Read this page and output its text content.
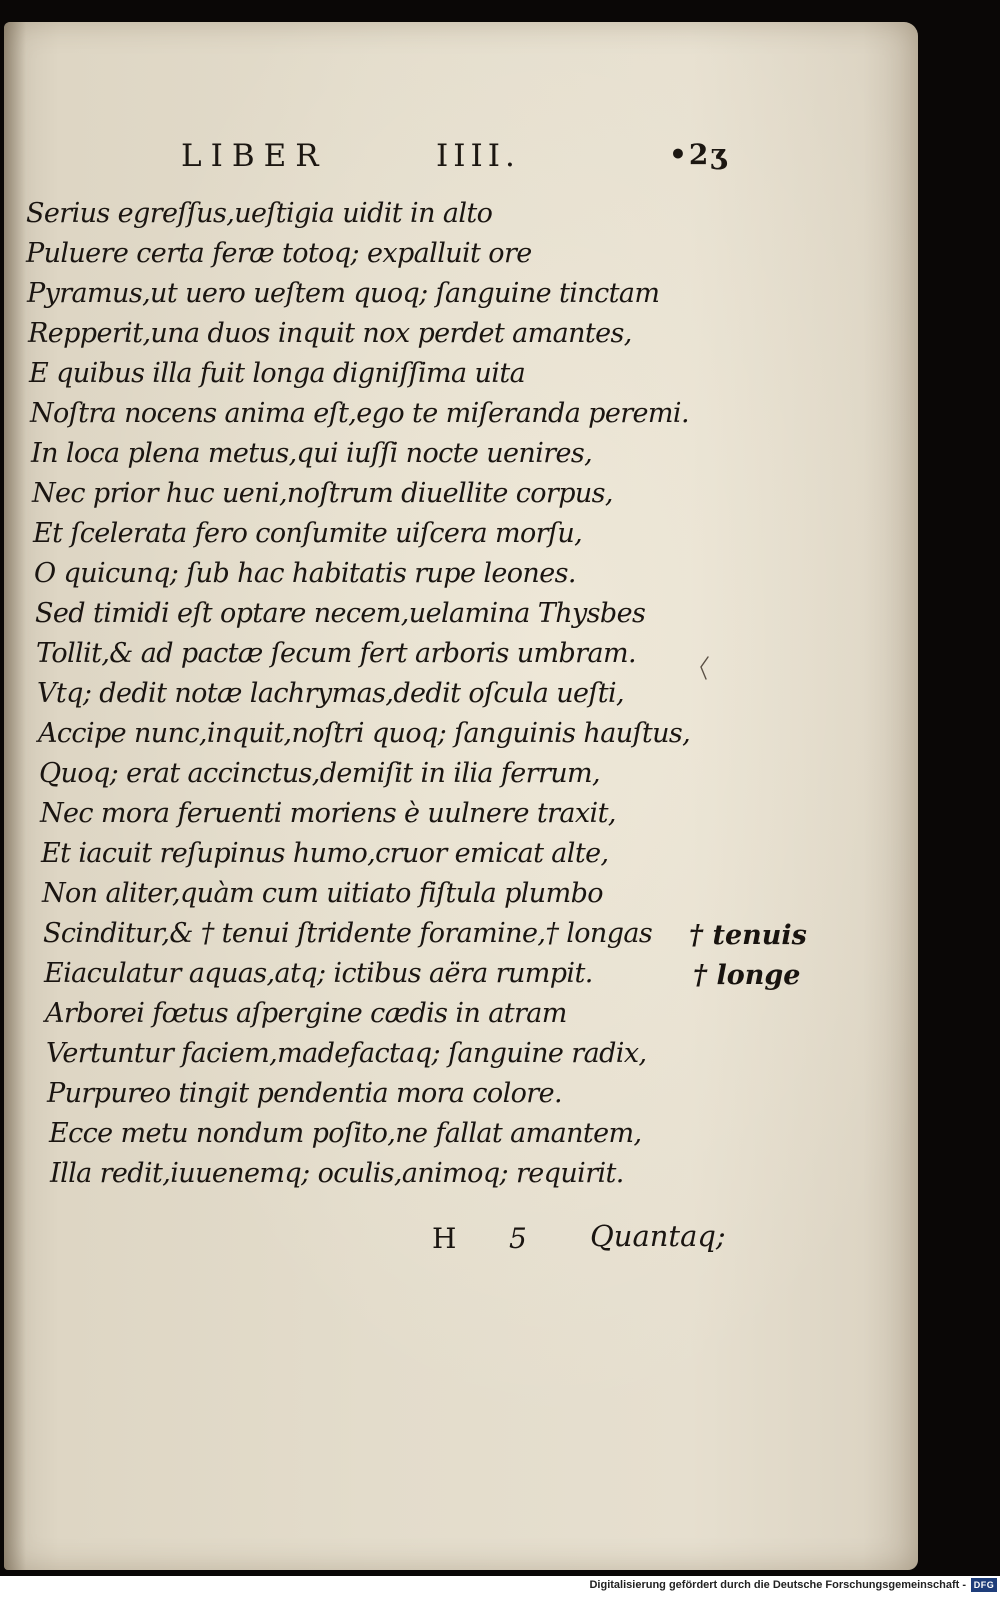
LIBER	IIII.	•2ʒ
Serius egreſſus,ueſtigia uidit in alto
Puluere certa feræ totoq; expalluit ore
Pyramus,ut uero ueſtem quoq; ſanguine tinctam
Repperit,una duos inquit nox perdet amantes,
E quibus illa fuit longa digniſſima uita
Noſtra nocens anima eſt,ego te miſeranda peremi.
In loca plena metus,qui iuſſi nocte uenires,
Nec prior huc ueni,noſtrum diuellite corpus,
Et ſcelerata fero conſumite uiſcera morſu,
O quicunq; ſub hac habitatis rupe leones.
Sed timidi eſt optare necem,uelamina Thysbes
Tollit,& ad pactæ ſecum fert arboris umbram.
Vtq; dedit notæ lachrymas,dedit oſcula ueſti,
Accipe nunc,inquit,noſtri quoq; ſanguinis hauſtus,
Quoq; erat accinctus,demiſit in ilia ferrum,
Nec mora feruenti moriens è uulnere traxit,
Et iacuit reſupinus humo,cruor emicat alte,
Non aliter,quàm cum uitiato fiſtula plumbo
Scinditur,& † tenui ſtridente foramine,† longas
Eiaculatur aquas,atq; ictibus aëra rumpit.
Arborei fœtus aſpergine cædis in atram
Vertuntur faciem,madefactaq; ſanguine radix,
Purpureo tingit pendentia mora colore.
Ecce metu nondum poſito,ne fallat amantem,
Illa redit,iuuenemq; oculis,animoq; requirit.
† tenuis
† longe
H 5 Quantaq;
Digitalisierung gefördert durch die Deutsche Forschungsgemeinschaft - DFG
